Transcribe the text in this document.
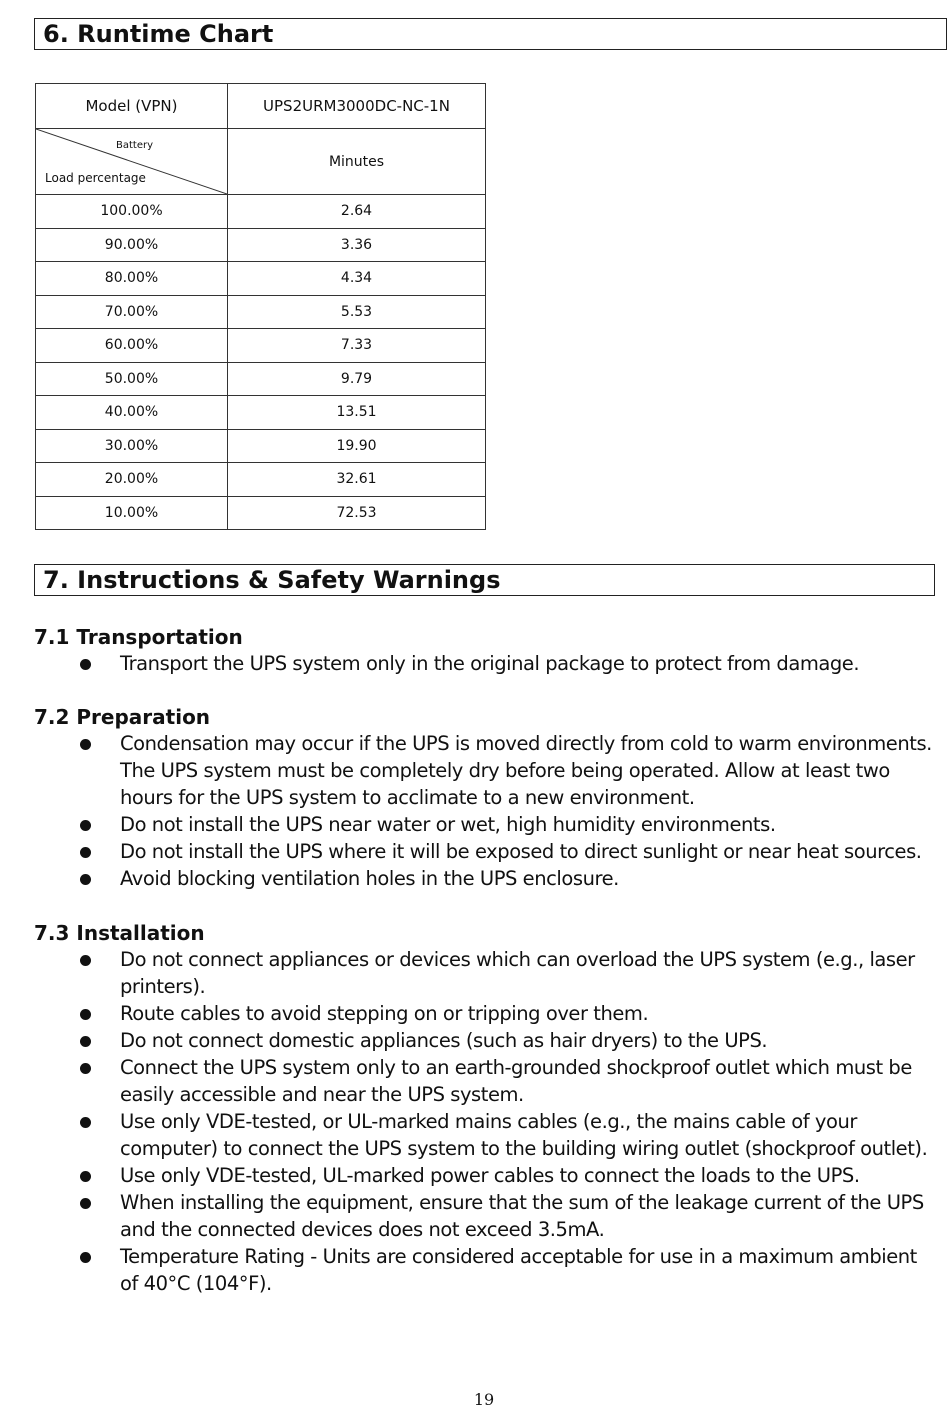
6. Runtime Chart
Model (VPN)	UPS2URM3000DC-NC-1N

Battery
Load percentage	Minutes
100.00%	2.64
90.00%	3.36
80.00%	4.34
70.00%	5.53
60.00%	7.33
50.00%	9.79
40.00%	13.51
30.00%	19.90
20.00%	32.61
10.00%	72.53
7. Instructions & Safety Warnings
7.1 Transportation
Transport the UPS system only in the original package to protect from damage.
7.2 Preparation
Condensation may occur if the UPS is moved directly from cold to warm environments. The UPS system must be completely dry before being operated. Allow at least two hours for the UPS system to acclimate to a new environment.
Do not install the UPS near water or wet, high humidity environments.
Do not install the UPS where it will be exposed to direct sunlight or near heat sources.
Avoid blocking ventilation holes in the UPS enclosure.
7.3 Installation
Do not connect appliances or devices which can overload the UPS system (e.g., laser printers).
Route cables to avoid stepping on or tripping over them.
Do not connect domestic appliances (such as hair dryers) to the UPS.
Connect the UPS system only to an earth-grounded shockproof outlet which must be easily accessible and near the UPS system.
Use only VDE-tested, or UL-marked mains cables (e.g., the mains cable of your computer) to connect the UPS system to the building wiring outlet (shockproof outlet).
Use only VDE-tested, UL-marked power cables to connect the loads to the UPS.
When installing the equipment, ensure that the sum of the leakage current of the UPS and the connected devices does not exceed 3.5mA.
Temperature Rating - Units are considered acceptable for use in a maximum ambient of 40°C (104°F).
19
